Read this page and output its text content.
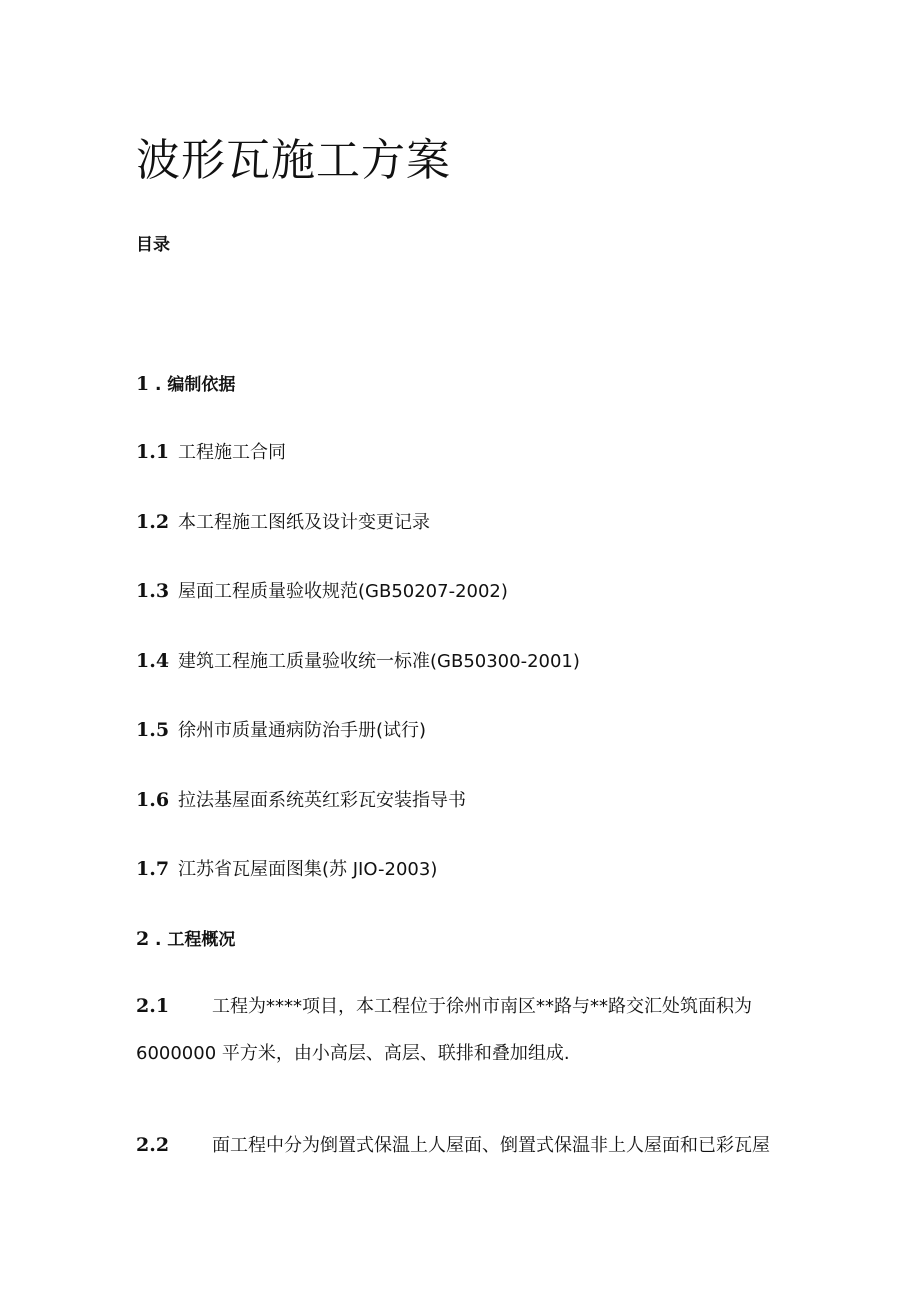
波形瓦施工方案
目录
1 . 编制依据
1.1 工程施工合同
1.2 本工程施工图纸及设计变更记录
1.3 屋面工程质量验收规范(GB50207-2002)
1.4 建筑工程施工质量验收统一标准(GB50300-2001)
1.5 徐州市质量通病防治手册(试行)
1.6 拉法基屋面系统英红彩瓦安装指导书
1.7 江苏省瓦屋面图集(苏 JIO-2003)
2 . 工程概况
2.1 工程为****项目，本工程位于徐州市南区**路与**路交汇处筑面积为
6000000 平方米，由小高层、高层、联排和叠加组成.
2.2 面工程中分为倒置式保温上人屋面、倒置式保温非上人屋面和已彩瓦屋
